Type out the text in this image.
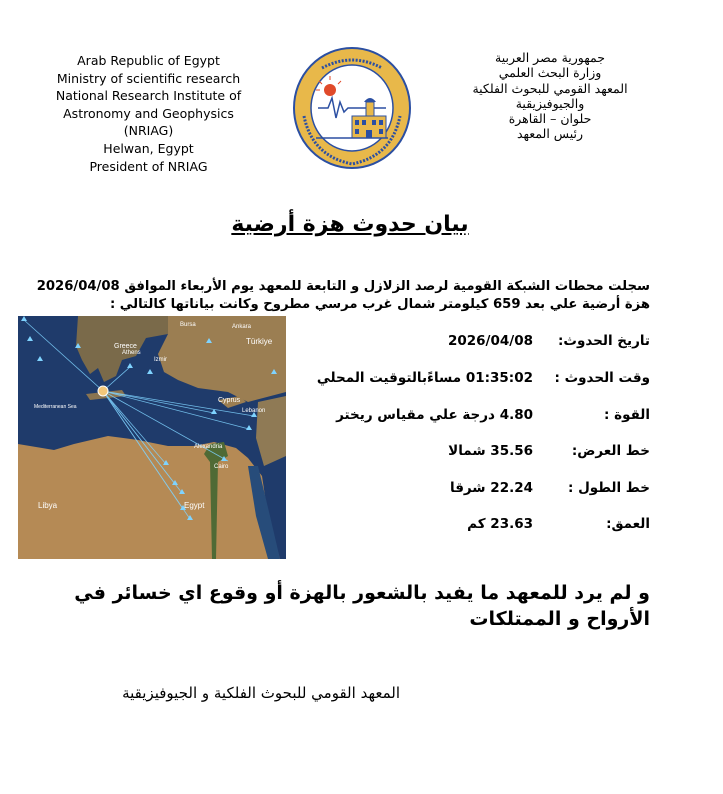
Arab Republic of Egypt
Ministry of scientific research
National Research Institute of
Astronomy and Geophysics
(NRIAG)
Helwan, Egypt
President of NRIAG
جمهورية مصر العربية
وزارة البحث العلمي
المعهد القومي للبحوث الفلكية
والجيوفيزيقية
حلوان – القاهرة
رئيس المعهد
بيان حدوث هزة أرضية
سجلت محطات الشبكة القومية لرصد الزلازل و التابعة للمعهد يوم الأربعاء الموافق 2026/04/08 هزة أرضية علي بعد 659 كيلومتر شمال غرب مرسي مطروح وكانت بياناتها كالتالي :
Bursa	Ankara
Türkiye
Greece
Athens
Izmir
Mediterranean Sea
Cyprus
Lebanon
Alexandria
Cairo
Egypt
Libya
تاريخ الحدوث:
2026/04/08
وقت الحدوث :
01:35:02 مساءًبالتوقيت المحلي
القوة :
4.80 درجة علي مقياس ريختر
خط العرض:
35.56 شمالا
خط الطول :
22.24 شرقا
العمق:
23.63 كم
و لم يرد للمعهد ما يفيد بالشعور بالهزة أو وقوع اي خسائر في الأرواح و الممتلكات
المعهد القومي للبحوث الفلكية و الجيوفيزيقية
